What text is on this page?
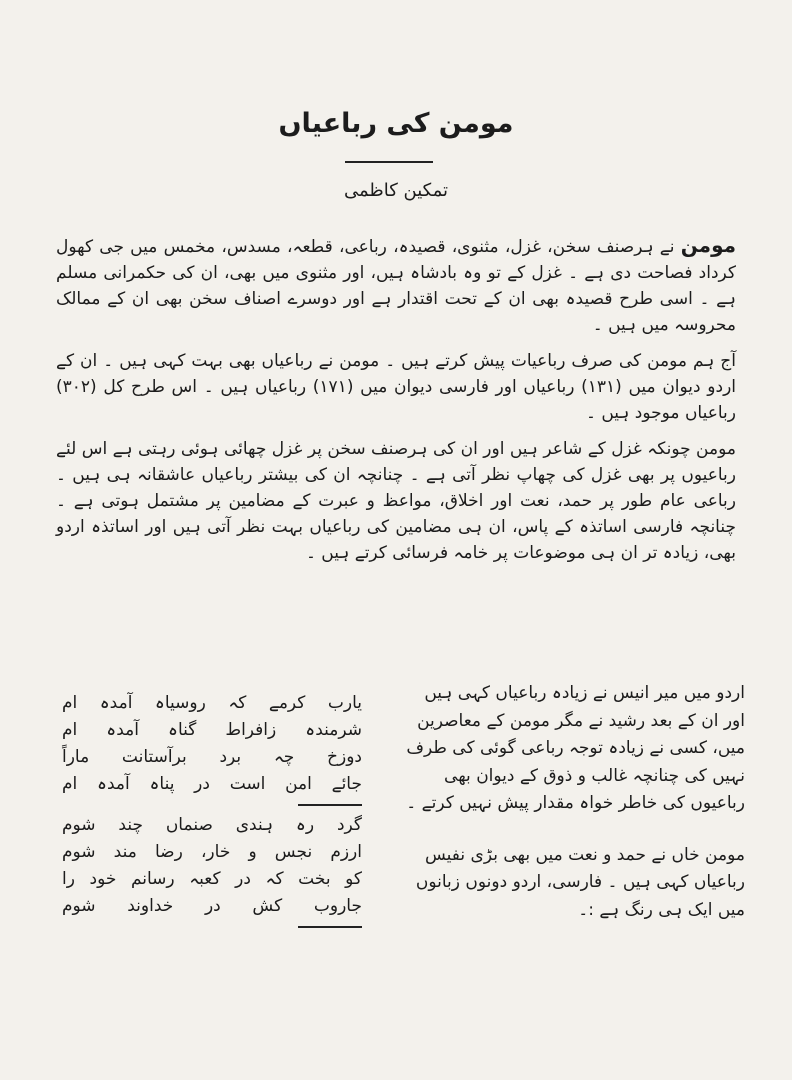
مومن کی رباعیاں
تمکین کاظمی

مومن نے ہرصنف سخن، غزل، مثنوی، قصیدہ، رباعی، قطعہ، مسدس، مخمس میں جی کھول کرداد فصاحت دی ہے ۔ غزل کے تو وہ بادشاہ ہیں، اور مثنوی میں بھی، ان کی حکمرانی مسلم ہے ۔ اسی طرح قصیدہ بھی ان کے تحت اقتدار ہے اور دوسرے اصناف سخن بھی ان کے ممالک محروسہ میں ہیں ۔

آج ہم مومن کی صرف رباعیات پیش کرتے ہیں ۔ مومن نے رباعیاں بھی بہت کہی ہیں ۔ ان کے اردو دیوان میں (۱۳۱) رباعیاں اور فارسی دیوان میں (۱۷۱) رباعیاں ہیں ۔ اس طرح کل (۳۰۲) رباعیاں موجود ہیں ۔

مومن چونکہ غزل کے شاعر ہیں اور ان کی ہرصنف سخن پر غزل چھائی ہوئی رہتی ہے اس لئے رباعیوں پر بھی غزل کی چھاپ نظر آتی ہے ۔ چنانچہ ان کی بیشتر رباعیاں عاشقانہ ہی ہیں ۔ رباعی عام طور پر حمد، نعت اور اخلاق، مواعظ و عبرت کے مضامین پر مشتمل ہوتی ہے ۔ چنانچہ فارسی اساتذہ کے پاس، ان ہی مضامین کی رباعیاں بہت نظر آتی ہیں اور اساتذہ اردو بھی، زیادہ تر ان ہی موضوعات پر خامہ فرسائی کرتے ہیں ۔

اردو میں میر انیس نے زیادہ رباعیاں کہی ہیں اور ان کے بعد رشید نے مگر مومن کے معاصرین میں، کسی نے زیادہ توجہ رباعی گوئی کی طرف نہیں کی چنانچہ غالب و ذوق کے دیوان بھی رباعیوں کی خاطر خواہ مقدار پیش نہیں کرتے ۔

مومن خاں نے حمد و نعت میں بھی بڑی نفیس رباعیاں کہی ہیں ۔ فارسی، اردو دونوں زبانوں میں ایک ہی رنگ ہے :۔

یارب کرمے کہ روسیاہ آمدہ ام
شرمندہ زافراط گناہ آمدہ ام
دوزخ چہ برد برآستانت ماراً
جائے امن است در پناہ آمدہ ام
گرد رہ ہندی صنماں چند شوم
ارزم نجس و خار، رضا مند شوم
کو بخت کہ در کعبہ رسانم خود را
جاروب کش در خداوند شوم
